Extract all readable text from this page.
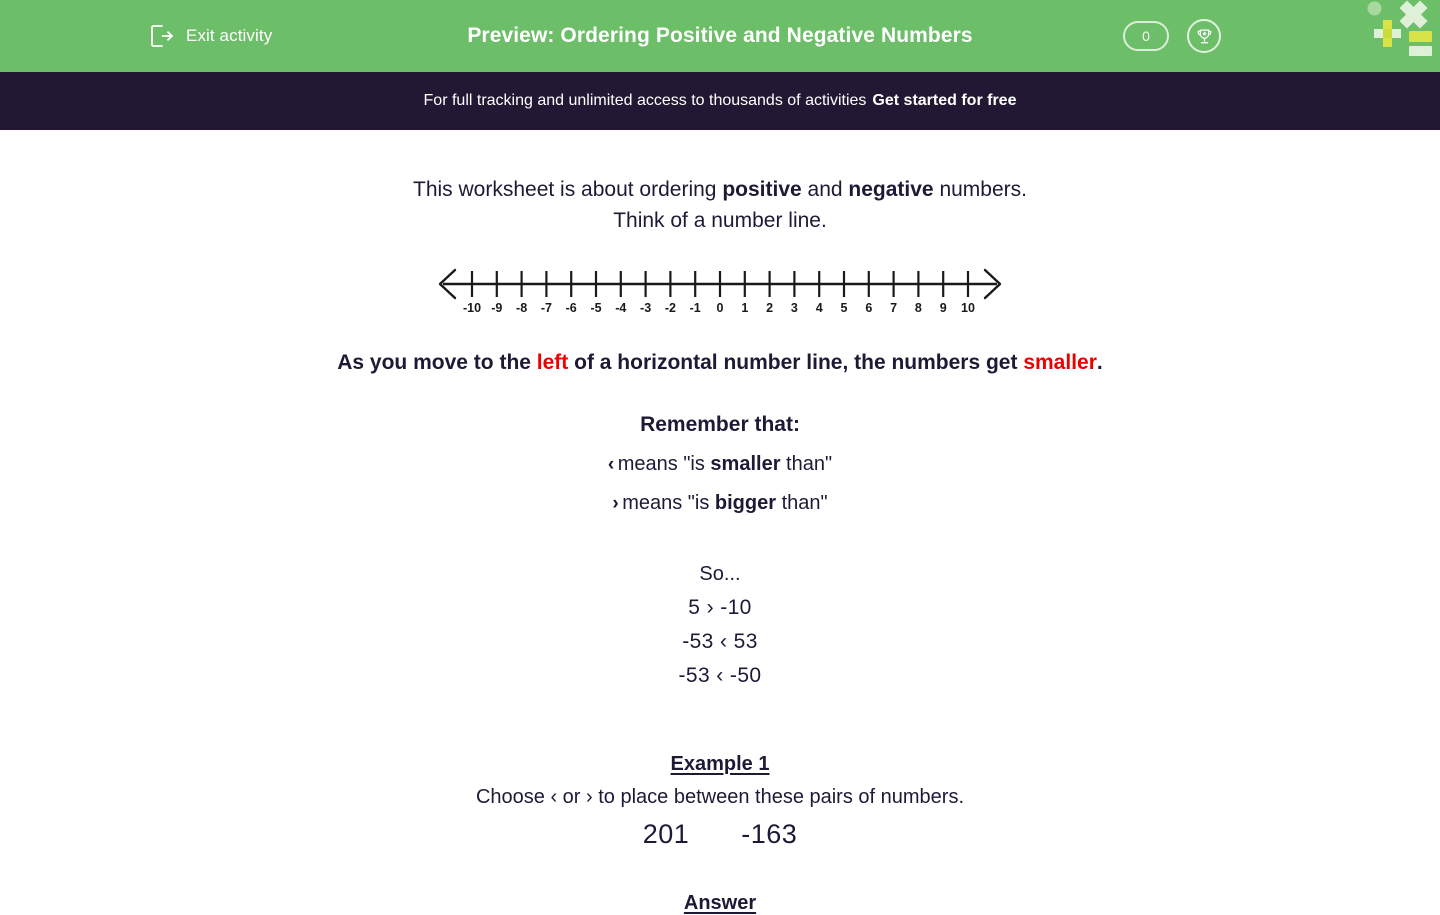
Exit activity	Preview: Ordering Positive and Negative Numbers	0
For full tracking and unlimited access to thousands of activities Get started for free
This worksheet is about ordering positive and negative numbers.
Think of a number line.
-10 -9 -8 -7 -6 -5 -4 -3 -2 -1 0 1 2 3 4 5 6 7 8 9 10
As you move to the left of a horizontal number line, the numbers get smaller.
Remember that:
‹ means "is smaller than"
› means "is bigger than"
So...
5 › -10
-53 ‹ 53
-53 ‹ -50
Example 1
Choose ‹ or › to place between these pairs of numbers.
201 -163
Answer
